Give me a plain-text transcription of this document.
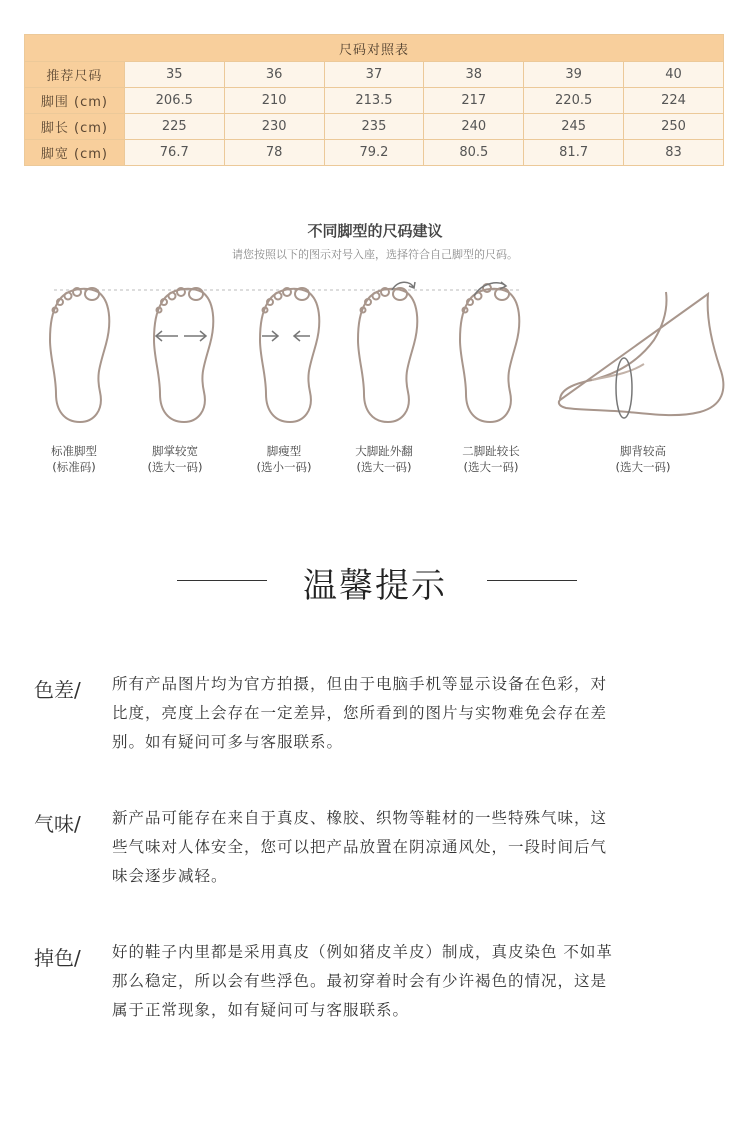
尺码对照表						
推荐尺码	35	36	37	38	39	40
脚围 (cm)	206.5	210	213.5	217	220.5	224
脚长 (cm)	225	230	235	240	245	250
脚宽 (cm)	76.7	78	79.2	80.5	81.7	83
不同脚型的尺码建议
请您按照以下的图示对号入座，选择符合自己脚型的尺码。
标准脚型
(标准码)
脚掌较宽
(选大一码)
脚瘦型
(选小一码)
大脚趾外翻
(选大一码)
二脚趾较长
(选大一码)
脚背较高
(选大一码)
温馨提示
色差/ 所有产品图片均为官方拍摄，但由于电脑手机等显示设备在色彩，对
比度，亮度上会存在一定差异，您所看到的图片与实物难免会存在差
别。如有疑问可多与客服联系。
气味/ 新产品可能存在来自于真皮、橡胶、织物等鞋材的一些特殊气味，这
些气味对人体安全，您可以把产品放置在阴凉通风处，一段时间后气
味会逐步减轻。
掉色/ 好的鞋子内里都是采用真皮（例如猪皮羊皮）制成，真皮染色 不如革
那么稳定，所以会有些浮色。最初穿着时会有少许褐色的情况，这是
属于正常现象，如有疑问可与客服联系。
